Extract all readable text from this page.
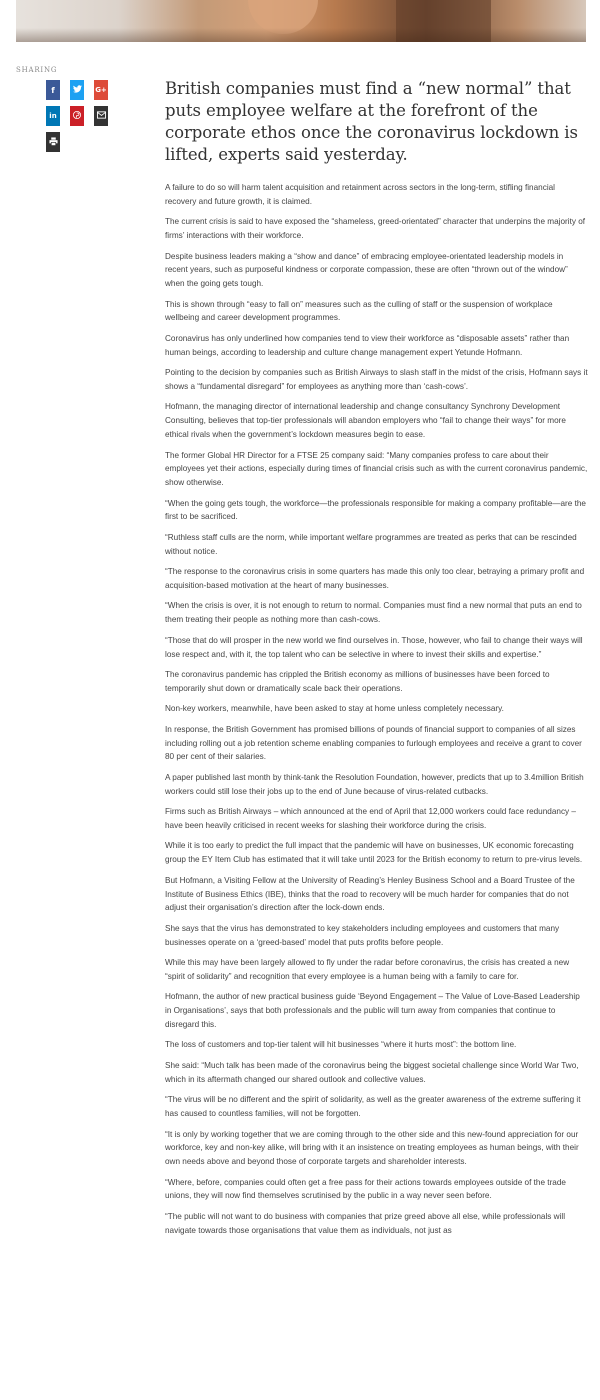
SHARING
f	G+
in
British companies must find a “new normal” that puts employee welfare at the forefront of the corporate ethos once the coronavirus lockdown is lifted, experts said yesterday.

A failure to do so will harm talent acquisition and retainment across sectors in the long-term, stifling financial recovery and future growth, it is claimed.

The current crisis is said to have exposed the “shameless, greed-orientated” character that underpins the majority of firms’ interactions with their workforce.

Despite business leaders making a “show and dance” of embracing employee-orientated leadership models in recent years, such as purposeful kindness or corporate compassion, these are often “thrown out of the window” when the going gets tough.

This is shown through “easy to fall on” measures such as the culling of staff or the suspension of workplace wellbeing and career development programmes.

Coronavirus has only underlined how companies tend to view their workforce as “disposable assets” rather than human beings, according to leadership and culture change management expert Yetunde Hofmann.

Pointing to the decision by companies such as British Airways to slash staff in the midst of the crisis, Hofmann says it shows a “fundamental disregard” for employees as anything more than ‘cash-cows’.

Hofmann, the managing director of international leadership and change consultancy Synchrony Development Consulting, believes that top-tier professionals will abandon employers who “fail to change their ways” for more ethical rivals when the government’s lockdown measures begin to ease.

The former Global HR Director for a FTSE 25 company said: “Many companies profess to care about their employees yet their actions, especially during times of financial crisis such as with the current coronavirus pandemic, show otherwise.

“When the going gets tough, the workforce—the professionals responsible for making a company profitable—are the first to be sacrificed.

“Ruthless staff culls are the norm, while important welfare programmes are treated as perks that can be rescinded without notice.

“The response to the coronavirus crisis in some quarters has made this only too clear, betraying a primary profit and acquisition-based motivation at the heart of many businesses.

“When the crisis is over, it is not enough to return to normal. Companies must find a new normal that puts an end to them treating their people as nothing more than cash-cows.

“Those that do will prosper in the new world we find ourselves in. Those, however, who fail to change their ways will lose respect and, with it, the top talent who can be selective in where to invest their skills and expertise.”

The coronavirus pandemic has crippled the British economy as millions of businesses have been forced to temporarily shut down or dramatically scale back their operations.

Non-key workers, meanwhile, have been asked to stay at home unless completely necessary.

In response, the British Government has promised billions of pounds of financial support to companies of all sizes including rolling out a job retention scheme enabling companies to furlough employees and receive a grant to cover 80 per cent of their salaries.

A paper published last month by think-tank the Resolution Foundation, however, predicts that up to 3.4million British workers could still lose their jobs up to the end of June because of virus-related cutbacks.

Firms such as British Airways – which announced at the end of April that 12,000 workers could face redundancy – have been heavily criticised in recent weeks for slashing their workforce during the crisis.

While it is too early to predict the full impact that the pandemic will have on businesses, UK economic forecasting group the EY Item Club has estimated that it will take until 2023 for the British economy to return to pre-virus levels.

But Hofmann, a Visiting Fellow at the University of Reading’s Henley Business School and a Board Trustee of the Institute of Business Ethics (IBE), thinks that the road to recovery will be much harder for companies that do not adjust their organisation’s direction after the lock-down ends.

She says that the virus has demonstrated to key stakeholders including employees and customers that many businesses operate on a ‘greed-based’ model that puts profits before people.

While this may have been largely allowed to fly under the radar before coronavirus, the crisis has created a new “spirit of solidarity” and recognition that every employee is a human being with a family to care for.

Hofmann, the author of new practical business guide ‘Beyond Engagement – The Value of Love-Based Leadership in Organisations’, says that both professionals and the public will turn away from companies that continue to disregard this.

The loss of customers and top-tier talent will hit businesses “where it hurts most”: the bottom line.

She said: “Much talk has been made of the coronavirus being the biggest societal challenge since World War Two, which in its aftermath changed our shared outlook and collective values.

“The virus will be no different and the spirit of solidarity, as well as the greater awareness of the extreme suffering it has caused to countless families, will not be forgotten.

“It is only by working together that we are coming through to the other side and this new-found appreciation for our workforce, key and non-key alike, will bring with it an insistence on treating employees as human beings, with their own needs above and beyond those of corporate targets and shareholder interests.

“Where, before, companies could often get a free pass for their actions towards employees outside of the trade unions, they will now find themselves scrutinised by the public in a way never seen before.

“The public will not want to do business with companies that prize greed above all else, while professionals will navigate towards those organisations that value them as individuals, not just as
